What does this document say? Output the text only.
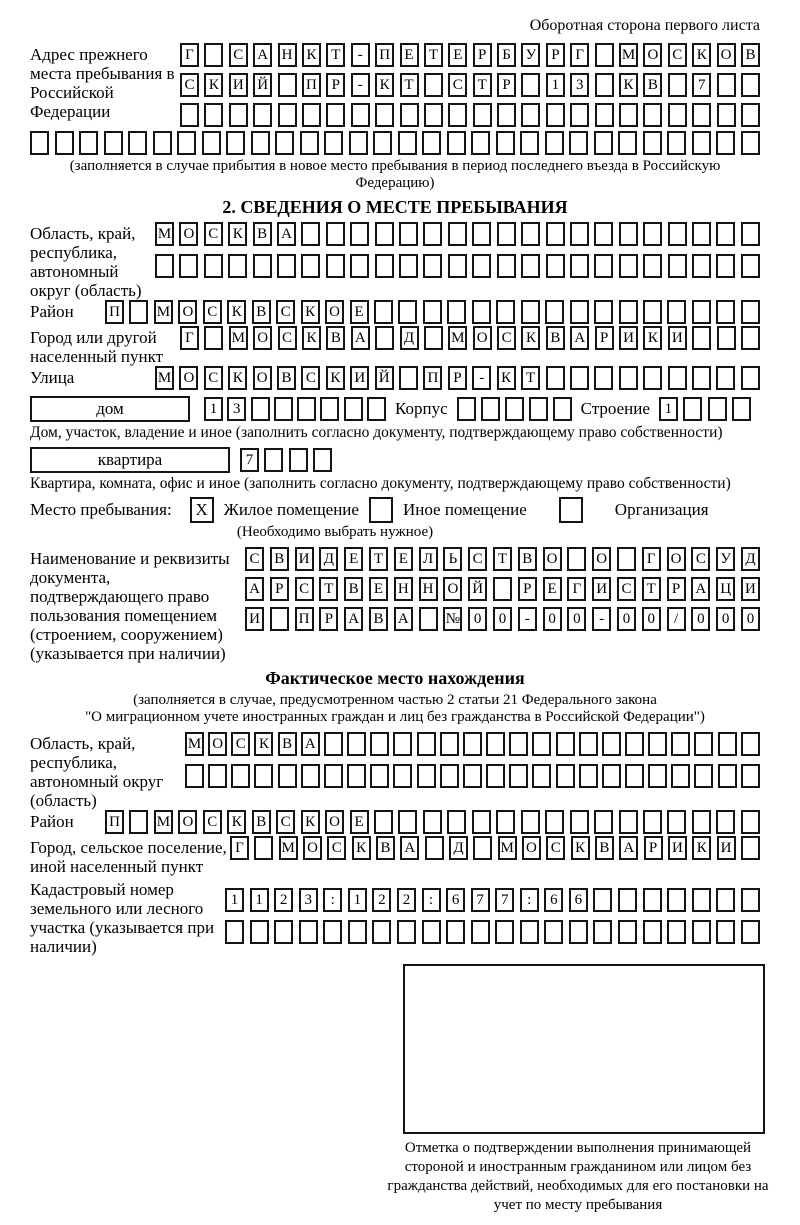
Оборотная сторона первого листа
Адрес прежнего места пребывания в Российской Федерации
Г	С А Н К Т	-	П Е	Т	Е	Р	Б У Р	Г	М О С К О В
С К И Й	П Р	-	К Т	С Т	Р	1	3	К В	7
(заполняется в случае прибытия в новое место пребывания в период последнего въезда в Российскую Федерацию)
2. СВЕДЕНИЯ О МЕСТЕ ПРЕБЫВАНИЯ
Область, край, республика, автономный округ (область)
М О С К В А
Район	П М О С К В С К О Е
Город или другой населенный пункт
Г	М О С К В А	Д М О С К В А Р И К И
Улица	М О С К О В С К И Й	П Р	-	К Т
дом	1	3	Корпус	Строение 1
Дом, участок, владение и иное (заполнить согласно документу, подтверждающему право собственности)
квартира	7
Квартира, комната, офис и иное (заполнить согласно документу, подтверждающему право собственности)
Место пребывания:	X Жилое помещение	Иное помещение	Организация
(Необходимо выбрать нужное)
Наименование и реквизиты документа, подтверждающего право пользования помещением (строением, сооружением) (указывается при наличии)
С В И Д	Е	Т	Е	Л	Ь	С	Т	В О	О	Г	О С У Д
А	Р	С	Т	В	Е Н Н О Й	Р	Е	Г	И С	Т	Р	А Ц И
И	П	Р	А В А № 0	0	-	0	0	-	0	0	/	0	0	0
Фактическое место нахождения
(заполняется в случае, предусмотренном частью 2 статьи 21 Федерального закона
"О миграционном учете иностранных граждан и лиц без гражданства в Российской Федерации")
Область, край, республика, автономный округ (область)
М О С К В А
Район	П М О С К В С К О Е
Город, сельское поселение, иной населенный пункт
Г	М О С К В А	Д М О С К В А Р И К И
Кадастровый номер земельного или лесного участка (указывается при наличии)
1	1	2	3	:	1	2	2	:	6	7	7	:	6	6
Отметка о подтверждении выполнения принимающей стороной и иностранным гражданином или лицом без гражданства действий, необходимых для его постановки на учет по месту пребывания
